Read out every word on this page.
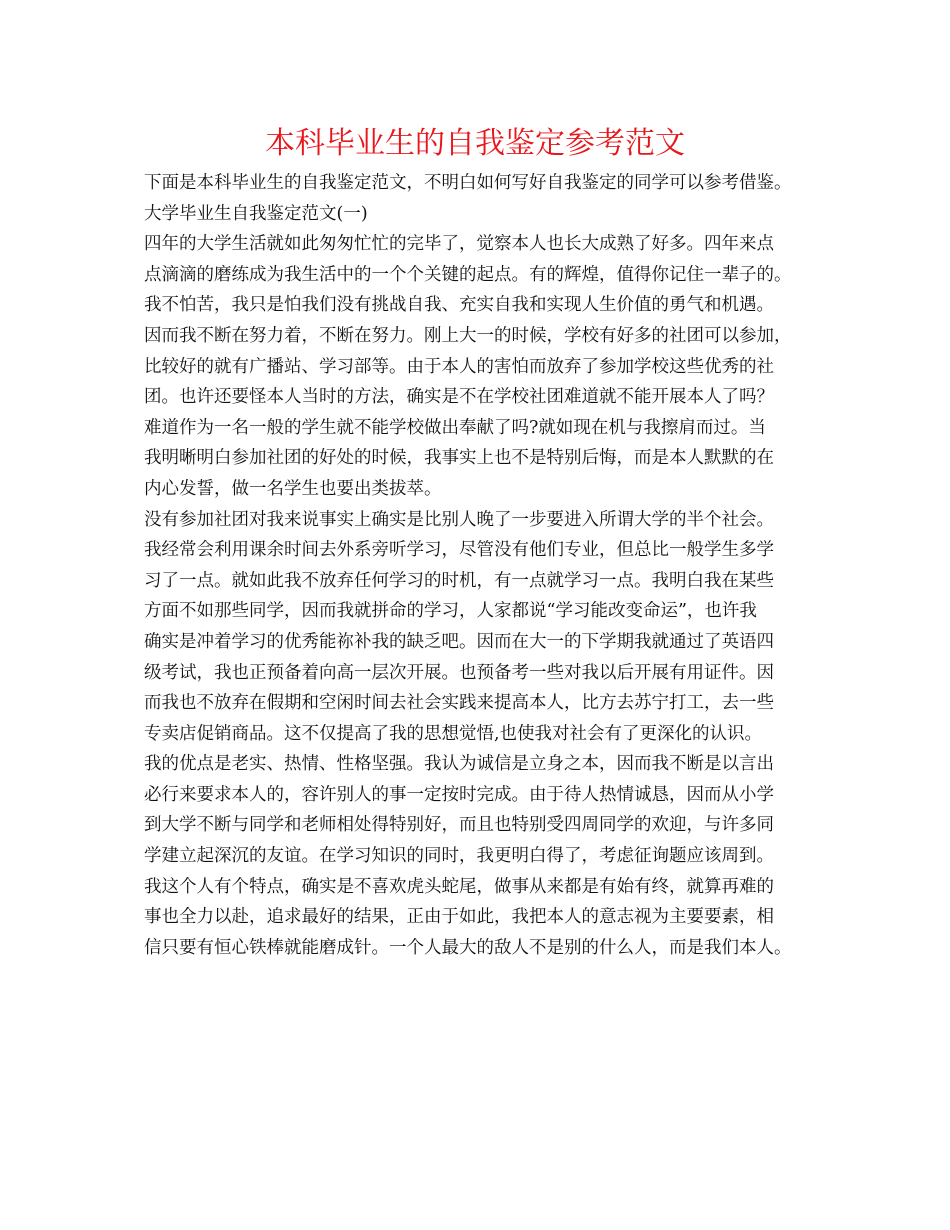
本科毕业生的自我鉴定参考范文
下面是本科毕业生的自我鉴定范文，不明白如何写好自我鉴定的同学可以参考借鉴。
大学毕业生自我鉴定范文(一)
四年的大学生活就如此匆匆忙忙的完毕了，觉察本人也长大成熟了好多。四年来点
点滴滴的磨练成为我生活中的一个个关键的起点。有的辉煌，值得你记住一辈子的。
我不怕苦，我只是怕我们没有挑战自我、充实自我和实现人生价值的勇气和机遇。
因而我不断在努力着，不断在努力。刚上大一的时候，学校有好多的社团可以参加，
比较好的就有广播站、学习部等。由于本人的害怕而放弃了参加学校这些优秀的社
团。也许还要怪本人当时的方法，确实是不在学校社团难道就不能开展本人了吗？
难道作为一名一般的学生就不能学校做出奉献了吗?就如现在机与我擦肩而过。当
我明晰明白参加社团的好处的时候，我事实上也不是特别后悔，而是本人默默的在
内心发誓，做一名学生也要出类拔萃。
没有参加社团对我来说事实上确实是比别人晚了一步要进入所谓大学的半个社会。
我经常会利用课余时间去外系旁听学习，尽管没有他们专业，但总比一般学生多学
习了一点。就如此我不放弃任何学习的时机，有一点就学习一点。我明白我在某些
方面不如那些同学，因而我就拼命的学习，人家都说“学习能改变命运”，也许我
确实是冲着学习的优秀能祢补我的缺乏吧。因而在大一的下学期我就通过了英语四
级考试，我也正预备着向高一层次开展。也预备考一些对我以后开展有用证件。因
而我也不放弃在假期和空闲时间去社会实践来提高本人，比方去苏宁打工，去一些
专卖店促销商品。这不仅提高了我的思想觉悟,也使我对社会有了更深化的认识。
我的优点是老实、热情、性格坚强。我认为诚信是立身之本，因而我不断是以言出
必行来要求本人的，容许别人的事一定按时完成。由于待人热情诚恳，因而从小学
到大学不断与同学和老师相处得特别好，而且也特别受四周同学的欢迎，与许多同
学建立起深沉的友谊。在学习知识的同时，我更明白得了，考虑征询题应该周到。
我这个人有个特点，确实是不喜欢虎头蛇尾，做事从来都是有始有终，就算再难的
事也全力以赴，追求最好的结果，正由于如此，我把本人的意志视为主要要素，相
信只要有恒心铁棒就能磨成针。一个人最大的敌人不是别的什么人，而是我们本人。
